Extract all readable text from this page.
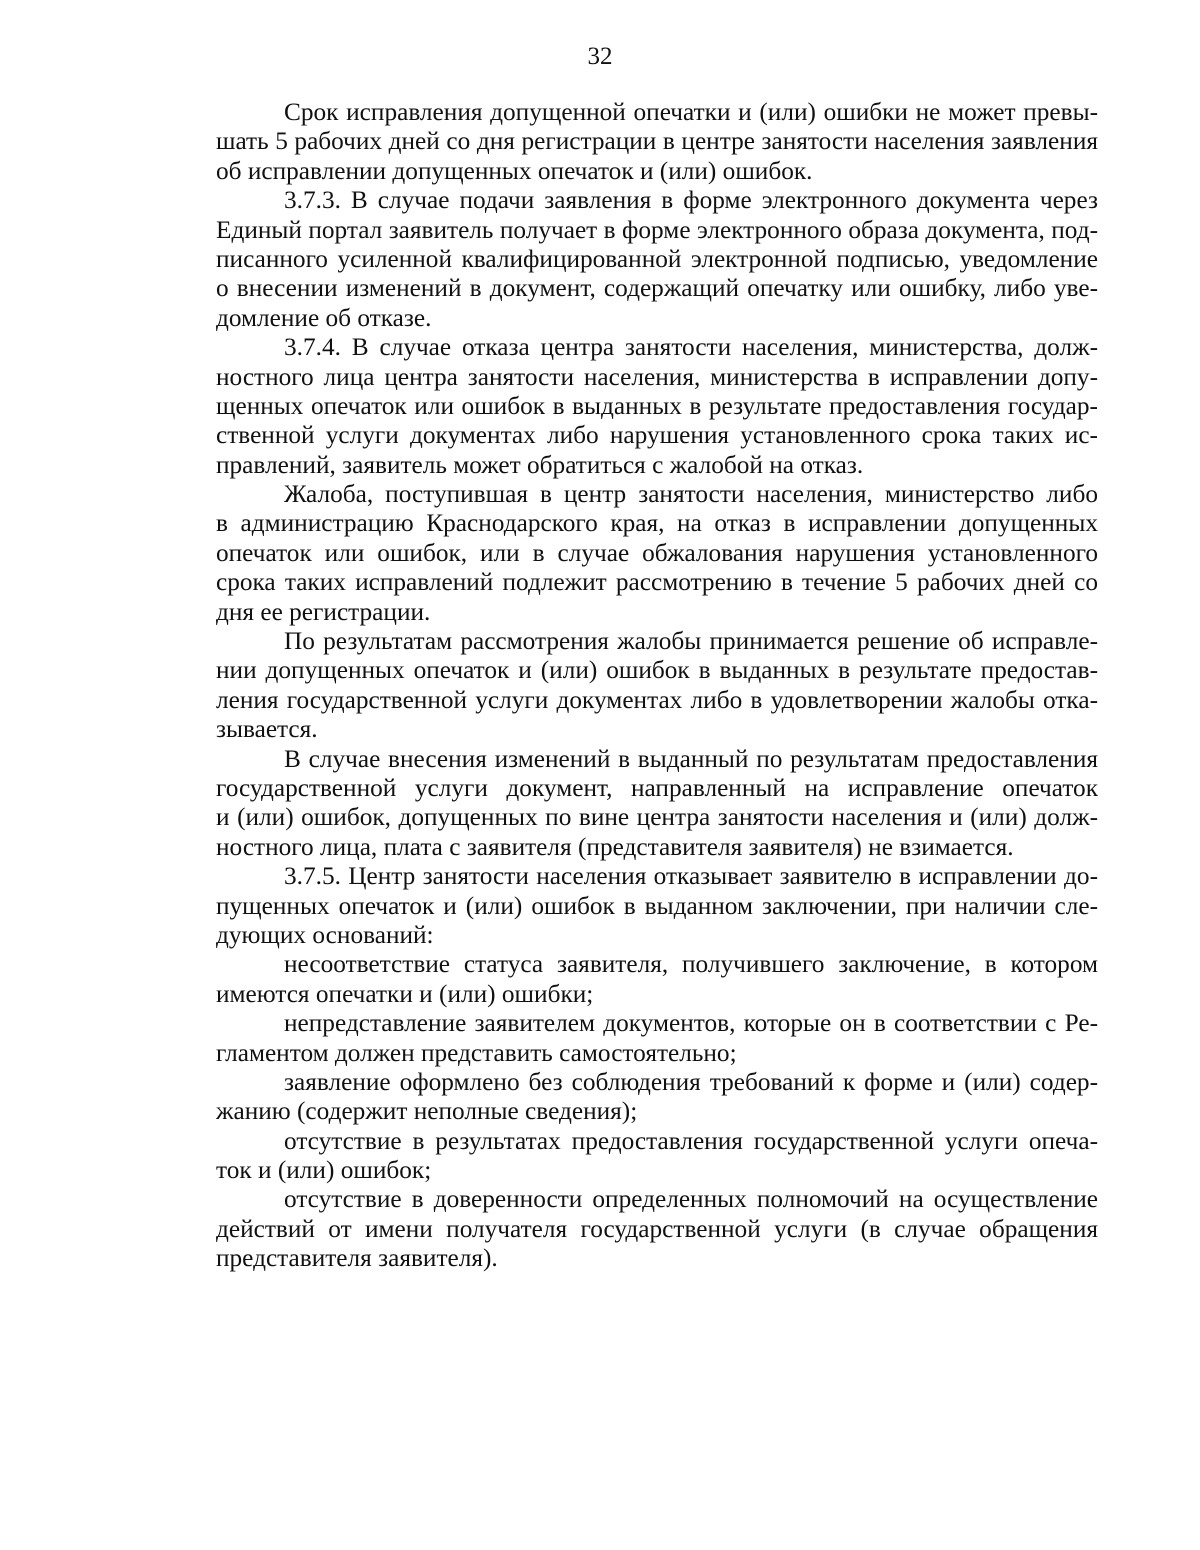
32
Срок исправления допущенной опечатки и (или) ошибки не может превы-
шать 5 рабочих дней со дня регистрации в центре занятости населения заявления
об исправлении допущенных опечаток и (или) ошибок.
3.7.3. В случае подачи заявления в форме электронного документа через
Единый портал заявитель получает в форме электронного образа документа, под-
писанного усиленной квалифицированной электронной подписью, уведомление
о внесении изменений в документ, содержащий опечатку или ошибку, либо уве-
домление об отказе.
3.7.4. В случае отказа центра занятости населения, министерства, долж-
ностного лица центра занятости населения, министерства в исправлении допу-
щенных опечаток или ошибок в выданных в результате предоставления государ-
ственной услуги документах либо нарушения установленного срока таких ис-
правлений, заявитель может обратиться с жалобой на отказ.
Жалоба, поступившая в центр занятости населения, министерство либо
в администрацию Краснодарского края, на отказ в исправлении допущенных
опечаток или ошибок, или в случае обжалования нарушения установленного
срока таких исправлений подлежит рассмотрению в течение 5 рабочих дней со
дня ее регистрации.
По результатам рассмотрения жалобы принимается решение об исправле-
нии допущенных опечаток и (или) ошибок в выданных в результате предостав-
ления государственной услуги документах либо в удовлетворении жалобы отка-
зывается.
В случае внесения изменений в выданный по результатам предоставления
государственной услуги документ, направленный на исправление опечаток
и (или) ошибок, допущенных по вине центра занятости населения и (или) долж-
ностного лица, плата с заявителя (представителя заявителя) не взимается.
3.7.5. Центр занятости населения отказывает заявителю в исправлении до-
пущенных опечаток и (или) ошибок в выданном заключении, при наличии сле-
дующих оснований:
несоответствие статуса заявителя, получившего заключение, в котором
имеются опечатки и (или) ошибки;
непредставление заявителем документов, которые он в соответствии с Ре-
гламентом должен представить самостоятельно;
заявление оформлено без соблюдения требований к форме и (или) содер-
жанию (содержит неполные сведения);
отсутствие в результатах предоставления государственной услуги опеча-
ток и (или) ошибок;
отсутствие в доверенности определенных полномочий на осуществление
действий от имени получателя государственной услуги (в случае обращения
представителя заявителя).
